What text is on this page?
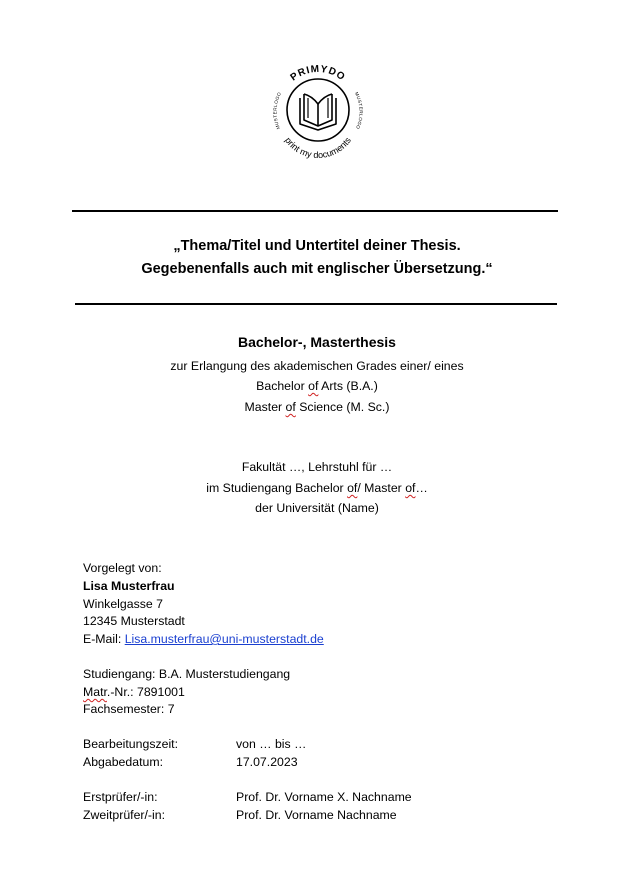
PRIMYDO
MUSTERLOGO	MUSTERLOGO
print my documents
„Thema/Titel und Untertitel deiner Thesis.
Gegebenenfalls auch mit englischer Übersetzung.“
Bachelor-, Masterthesis
zur Erlangung des akademischen Grades einer/ eines
Bachelor of Arts (B.A.)
Master of Science (M. Sc.)
Fakultät …, Lehrstuhl für …
im Studiengang Bachelor of/ Master of…
der Universität (Name)
Vorgelegt von:
Lisa Musterfrau
Winkelgasse 7
12345 Musterstadt
E-Mail: Lisa.musterfrau@uni-musterstadt.de
Studiengang: B.A. Musterstudiengang
Matr.-Nr.: 7891001
Fachsemester: 7
Bearbeitungszeit:	von … bis …
Abgabedatum:	17.07.2023
Erstprüfer/-in:	Prof. Dr. Vorname X. Nachname
Zweitprüfer/-in:	Prof. Dr. Vorname Nachname
